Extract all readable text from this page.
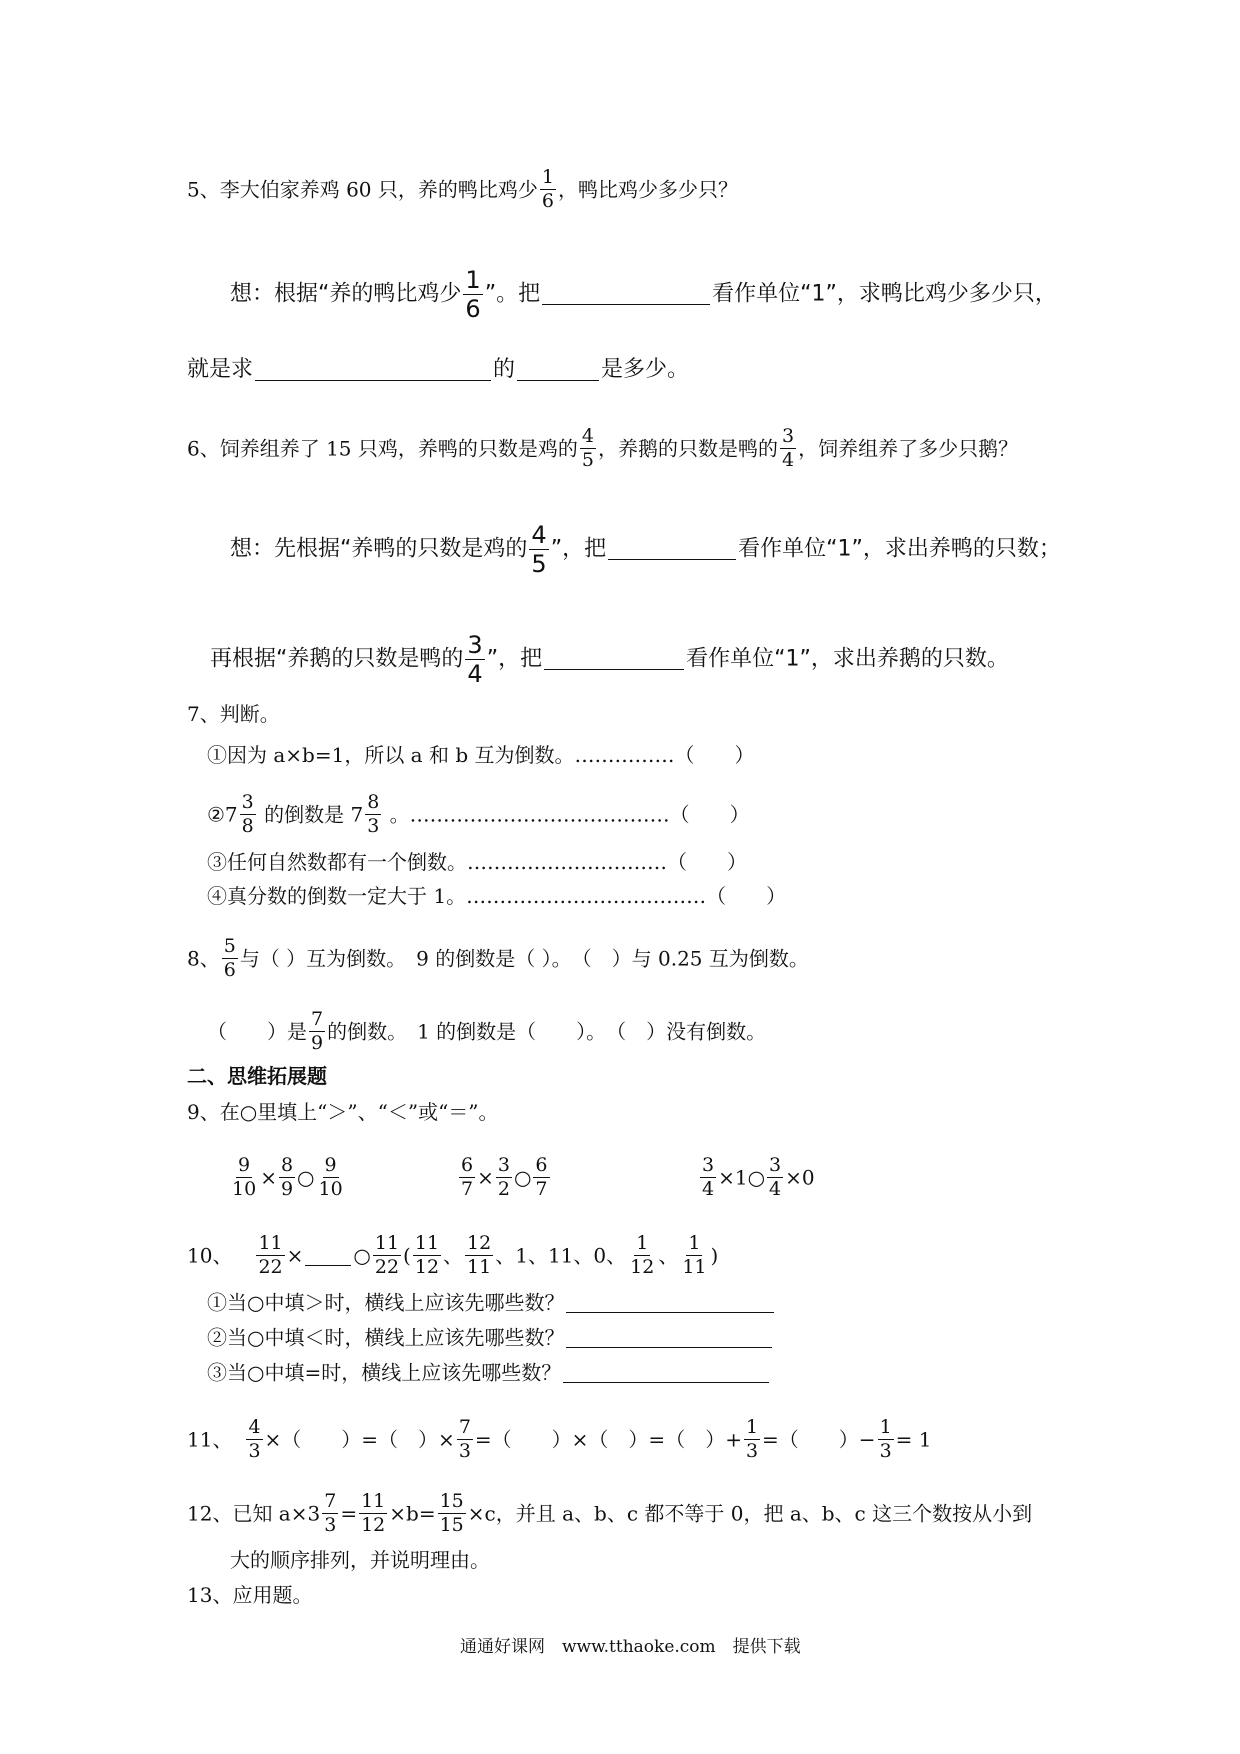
5、李大伯家养鸡 60 只，养的鸭比鸡少 $\frac{1}{6}$ ，鸭比鸡少多少只？
想：根据“养的鸭比鸡少 $\frac{1}{6}$ ”。把	看作单位“1”，求鸭比鸡少多少只，
就是求	的	是多少。
6、饲养组养了 15 只鸡，养鸭的只数是鸡的 $\frac{4}{5}$ ，养鹅的只数是鸭的 $\frac{3}{4}$ ，饲养组养了多少只鹅？
想：先根据“养鸭的只数是鸡的 $\frac{4}{5}$ ”，把	看作单位“1”，求出养鸭的只数；
再根据“养鹅的只数是鸭的 $\frac{3}{4}$ ”，把	看作单位“1”，求出养鹅的只数。
7、判断。
①因为 a×b=1，所以 a 和 b 互为倒数。……………（　　）
②7 $\frac{3}{8}$ 的倒数是 $7 \frac{8}{3}$ 。…………………………………（　　）
③任何自然数都有一个倒数。…………………………（　　）
④真分数的倒数一定大于 1。………………………………（　　）
8、 $\frac{5}{6}$ 与（ ）互为倒数。　9 的倒数是（ ）。　（　）与 0.25 互为倒数。
（　　）是 $\frac{7}{9}$ 的倒数。　1 的倒数是（　　）。　（　）没有倒数。
二、思维拓展题
9、在○里填上“＞”、“＜”或“＝”。
$\frac{9}{10} \times \frac{8}{9}$ ○ $\frac{9}{10}$	$\frac{6}{7} \times \frac{3}{2}$ ○ $\frac{6}{7}$	$\frac{3}{4}$ ×1○ $\frac{3}{4} \times 0$
10、 $\frac{11}{22}$ ×	○ $\frac{11}{22}$ ( $\frac{11}{12}$ 、 $\frac{12}{11}$ 、1、11、0、 $\frac{1}{12}$ 、 $\frac{1}{11}$ )
①当○中填＞时，横线上应该先哪些数？
②当○中填＜时，横线上应该先哪些数？
③当○中填=时，横线上应该先哪些数？
11、 $\frac{4}{3}$ ×（　　）=（　）× $\frac{7}{3}$ =（　　）×（　）=（　）+ $\frac{1}{3}$ =（　　）− $\frac{1}{3} = 1$
12、已知 $a\times 3 \frac{7}{3} = \frac{11}{12} \times b= \frac{15}{15} \times c$，并且 a、b、c 都不等于 0，把 a、b、c 这三个数按从小到
大的顺序排列，并说明理由。
13、应用题。
通通好课网　www.tthaoke.com　提供下载
